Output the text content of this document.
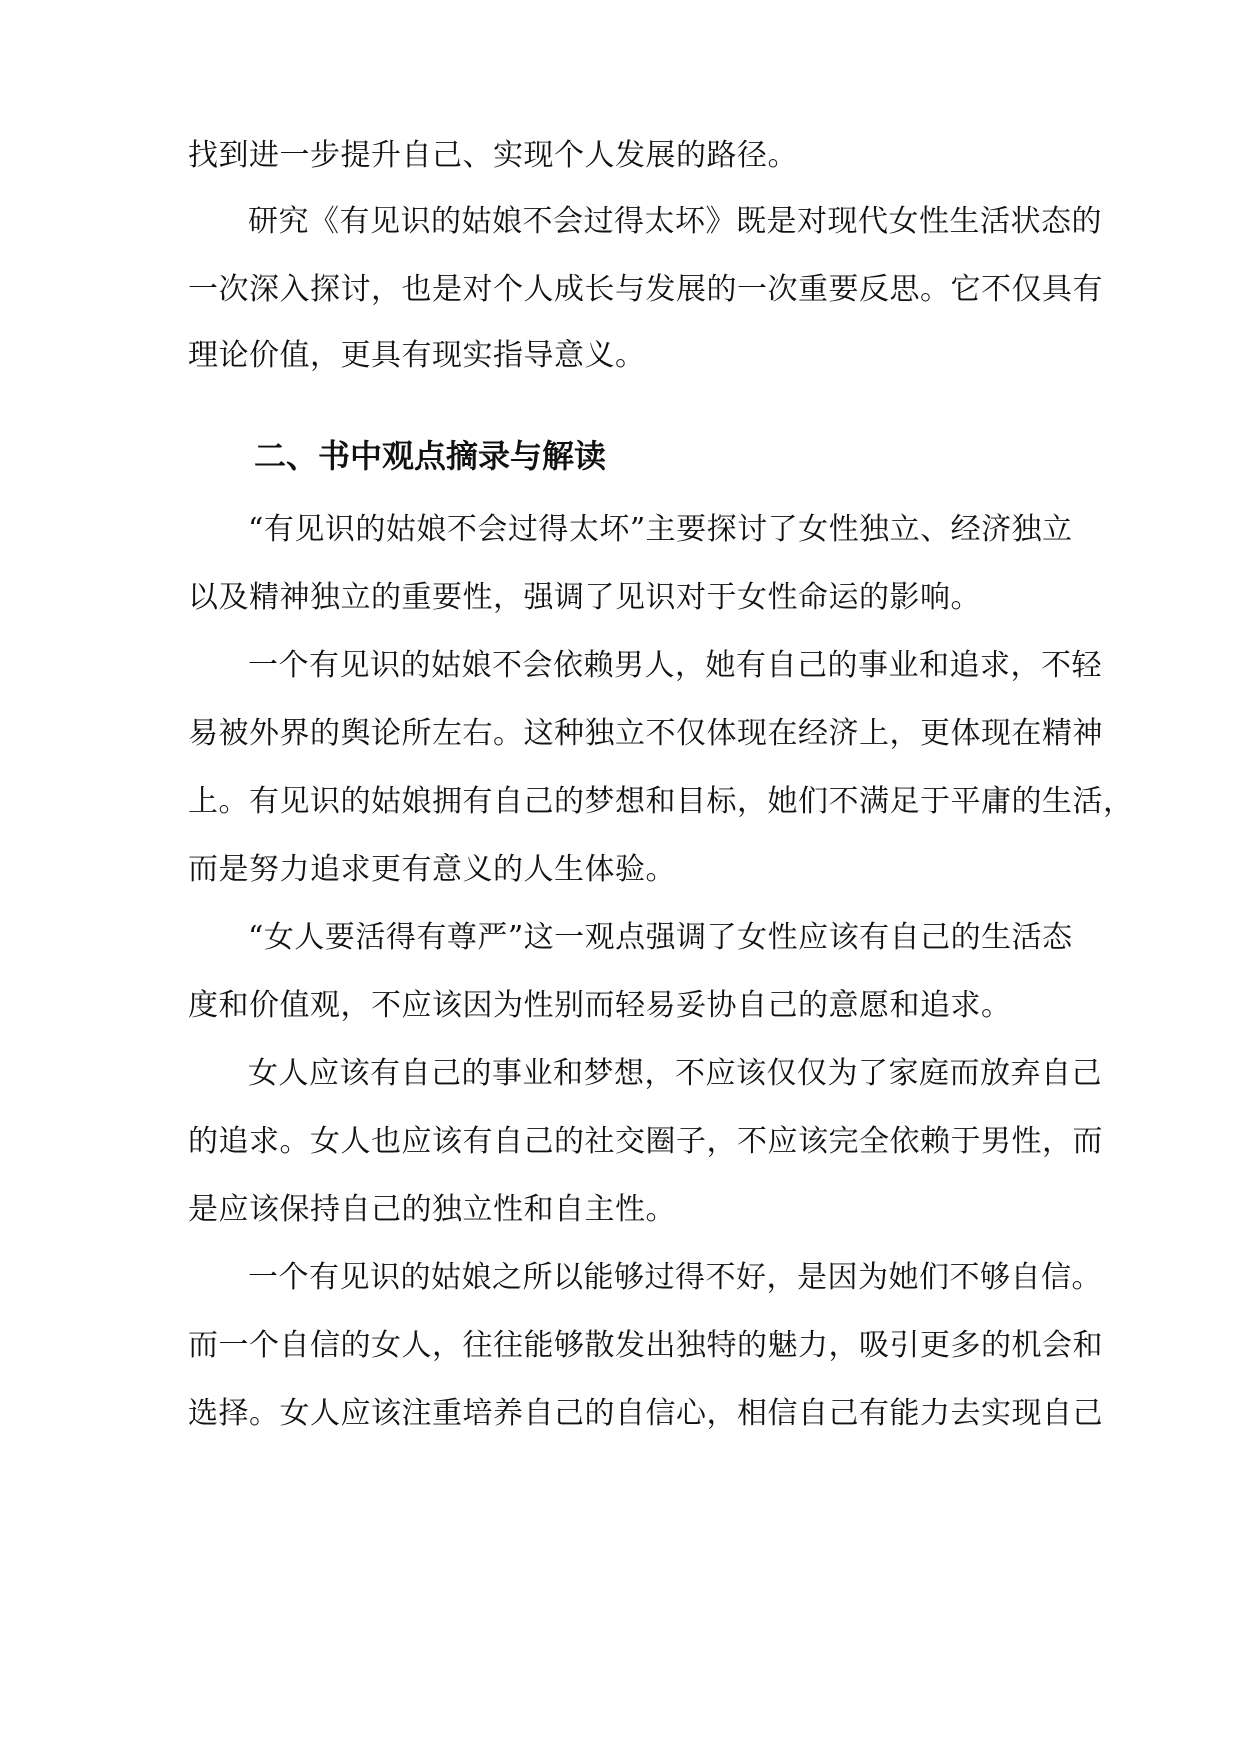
找到进一步提升自己、实现个人发展的路径。
研究《有见识的姑娘不会过得太坏》既是对现代女性生活状态的
一次深入探讨，也是对个人成长与发展的一次重要反思。它不仅具有
理论价值，更具有现实指导意义。
二、书中观点摘录与解读
“有见识的姑娘不会过得太坏”主要探讨了女性独立、经济独立
以及精神独立的重要性，强调了见识对于女性命运的影响。
一个有见识的姑娘不会依赖男人，她有自己的事业和追求，不轻
易被外界的舆论所左右。这种独立不仅体现在经济上，更体现在精神
上。有见识的姑娘拥有自己的梦想和目标，她们不满足于平庸的生活，
而是努力追求更有意义的人生体验。
“女人要活得有尊严”这一观点强调了女性应该有自己的生活态
度和价值观，不应该因为性别而轻易妥协自己的意愿和追求。
女人应该有自己的事业和梦想，不应该仅仅为了家庭而放弃自己
的追求。女人也应该有自己的社交圈子，不应该完全依赖于男性，而
是应该保持自己的独立性和自主性。
一个有见识的姑娘之所以能够过得不好，是因为她们不够自信。
而一个自信的女人，往往能够散发出独特的魅力，吸引更多的机会和
选择。女人应该注重培养自己的自信心，相信自己有能力去实现自己
